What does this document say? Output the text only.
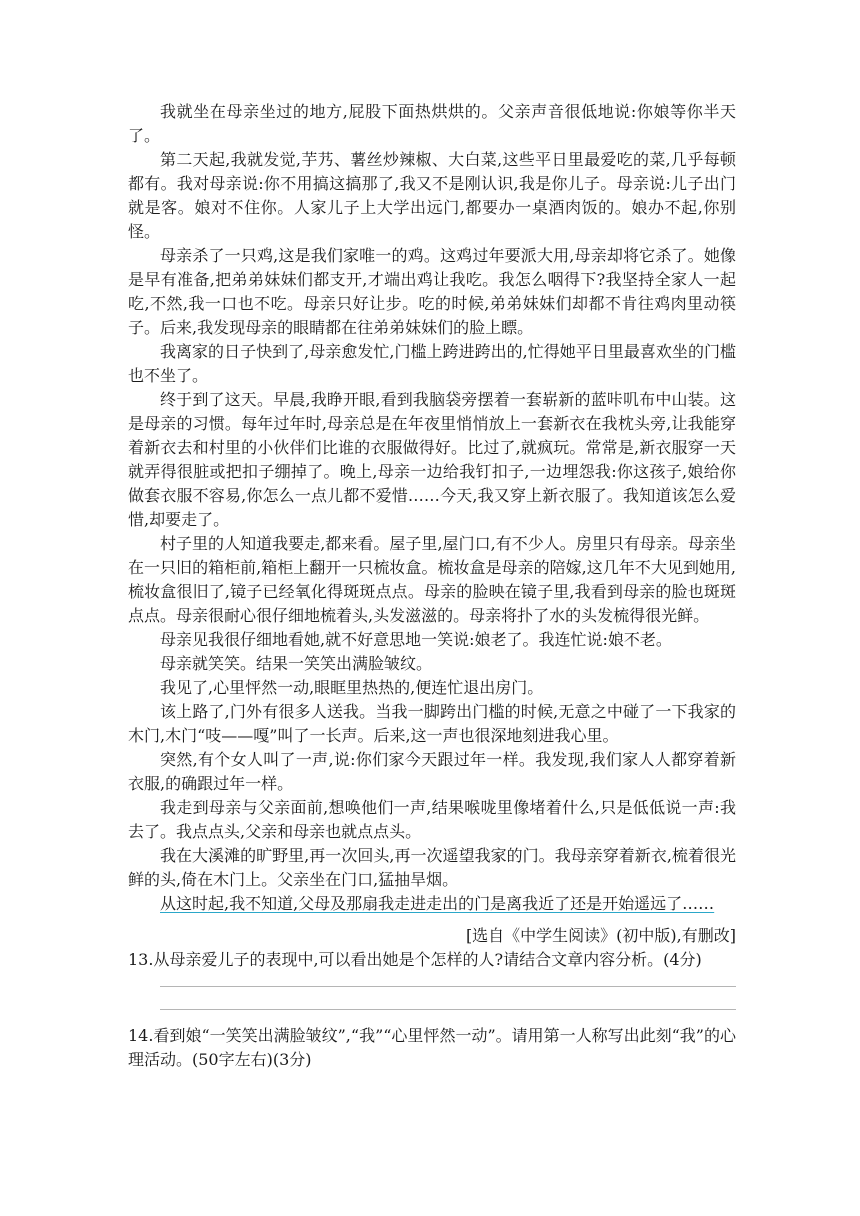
我就坐在母亲坐过的地方,屁股下面热烘烘的。父亲声音很低地说:你娘等你半天了。

第二天起,我就发觉,芋艿、薯丝炒辣椒、大白菜,这些平日里最爱吃的菜,几乎每顿都有。我对母亲说:你不用搞这搞那了,我又不是刚认识,我是你儿子。母亲说:儿子出门就是客。娘对不住你。人家儿子上大学出远门,都要办一桌酒肉饭的。娘办不起,你别怪。

母亲杀了一只鸡,这是我们家唯一的鸡。这鸡过年要派大用,母亲却将它杀了。她像是早有准备,把弟弟妹妹们都支开,才端出鸡让我吃。我怎么咽得下?我坚持全家人一起吃,不然,我一口也不吃。母亲只好让步。吃的时候,弟弟妹妹们却都不肯往鸡肉里动筷子。后来,我发现母亲的眼睛都在往弟弟妹妹们的脸上瞟。

我离家的日子快到了,母亲愈发忙,门槛上跨进跨出的,忙得她平日里最喜欢坐的门槛也不坐了。

终于到了这天。早晨,我睁开眼,看到我脑袋旁摆着一套崭新的蓝咔叽布中山装。这是母亲的习惯。每年过年时,母亲总是在年夜里悄悄放上一套新衣在我枕头旁,让我能穿着新衣去和村里的小伙伴们比谁的衣服做得好。比过了,就疯玩。常常是,新衣服穿一天就弄得很脏或把扣子绷掉了。晚上,母亲一边给我钉扣子,一边埋怨我:你这孩子,娘给你做套衣服不容易,你怎么一点儿都不爱惜……今天,我又穿上新衣服了。我知道该怎么爱惜,却要走了。

村子里的人知道我要走,都来看。屋子里,屋门口,有不少人。房里只有母亲。母亲坐在一只旧的箱柜前,箱柜上翻开一只梳妆盒。梳妆盒是母亲的陪嫁,这几年不大见到她用,梳妆盒很旧了,镜子已经氧化得斑斑点点。母亲的脸映在镜子里,我看到母亲的脸也斑斑点点。母亲很耐心很仔细地梳着头,头发滋滋的。母亲将扑了水的头发梳得很光鲜。

母亲见我很仔细地看她,就不好意思地一笑说:娘老了。我连忙说:娘不老。

母亲就笑笑。结果一笑笑出满脸皱纹。

我见了,心里怦然一动,眼眶里热热的,便连忙退出房门。

该上路了,门外有很多人送我。当我一脚跨出门槛的时候,无意之中碰了一下我家的木门,木门“吱——嘎”叫了一长声。后来,这一声也很深地刻进我心里。

突然,有个女人叫了一声,说:你们家今天跟过年一样。我发现,我们家人人都穿着新衣服,的确跟过年一样。

我走到母亲与父亲面前,想唤他们一声,结果喉咙里像堵着什么,只是低低说一声:我去了。我点点头,父亲和母亲也就点点头。

我在大溪滩的旷野里,再一次回头,再一次遥望我家的门。我母亲穿着新衣,梳着很光鲜的头,倚在木门上。父亲坐在门口,猛抽旱烟。

从这时起,我不知道,父母及那扇我走进走出的门是离我近了还是开始遥远了……

[选自《中学生阅读》(初中版),有删改]

13.从母亲爱儿子的表现中,可以看出她是个怎样的人?请结合文章内容分析。(4分)

14.看到娘“一笑笑出满脸皱纹”,“我”“心里怦然一动”。请用第一人称写出此刻“我”的心理活动。(50字左右)(3分)
